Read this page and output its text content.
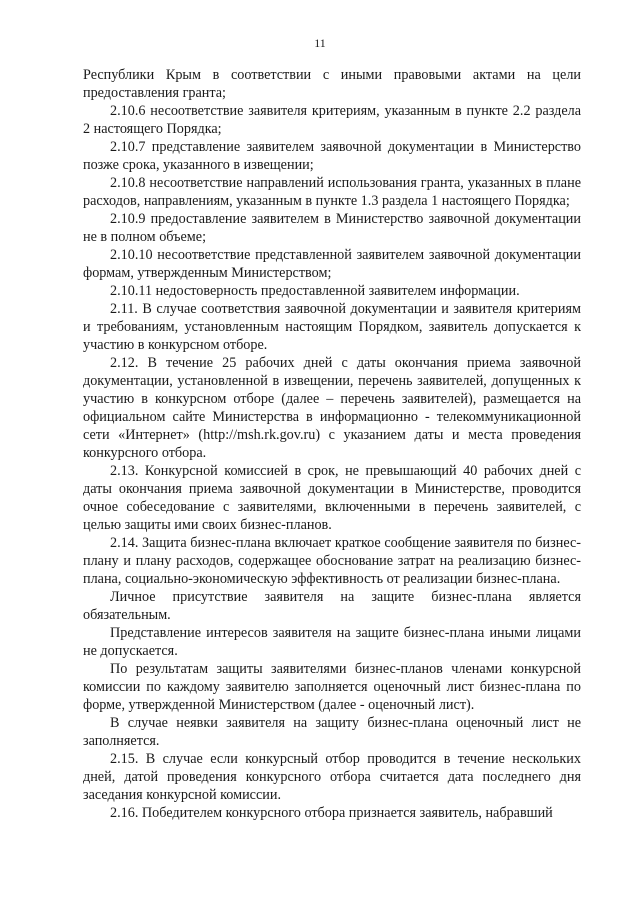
11

Республики Крым в соответствии с иными правовыми актами на цели предоставления гранта;

2.10.6 несоответствие заявителя критериям, указанным в пункте 2.2 раздела 2 настоящего Порядка;

2.10.7 представление заявителем заявочной документации в Министерство позже срока, указанного в извещении;

2.10.8 несоответствие направлений использования гранта, указанных в плане расходов, направлениям, указанным в пункте 1.3 раздела 1 настоящего Порядка;

2.10.9 предоставление заявителем в Министерство заявочной документации не в полном объеме;

2.10.10 несоответствие представленной заявителем заявочной документации формам, утвержденным Министерством;

2.10.11 недостоверность предоставленной заявителем информации.

2.11. В случае соответствия заявочной документации и заявителя критериям и требованиям, установленным настоящим Порядком, заявитель допускается к участию в конкурсном отборе.

2.12. В течение 25 рабочих дней с даты окончания приема заявочной документации, установленной в извещении, перечень заявителей, допущенных к участию в конкурсном отборе (далее – перечень заявителей), размещается на официальном сайте Министерства в информационно - телекоммуникационной сети «Интернет» (http://msh.rk.gov.ru) с указанием даты и места проведения конкурсного отбора.

2.13. Конкурсной комиссией в срок, не превышающий 40 рабочих дней с даты окончания приема заявочной документации в Министерстве, проводится очное собеседование с заявителями, включенными в перечень заявителей, с целью защиты ими своих бизнес-планов.

2.14. Защита бизнес-плана включает краткое сообщение заявителя по бизнес-плану и плану расходов, содержащее обоснование затрат на реализацию бизнес-плана, социально-экономическую эффективность от реализации бизнес-плана.

Личное присутствие заявителя на защите бизнес-плана является обязательным.

Представление интересов заявителя на защите бизнес-плана иными лицами не допускается.

По результатам защиты заявителями бизнес-планов членами конкурсной комиссии по каждому заявителю заполняется оценочный лист бизнес-плана по форме, утвержденной Министерством (далее - оценочный лист).

В случае неявки заявителя на защиту бизнес-плана оценочный лист не заполняется.

2.15. В случае если конкурсный отбор проводится в течение нескольких дней, датой проведения конкурсного отбора считается дата последнего дня заседания конкурсной комиссии.

2.16. Победителем конкурсного отбора признается заявитель, набравший
